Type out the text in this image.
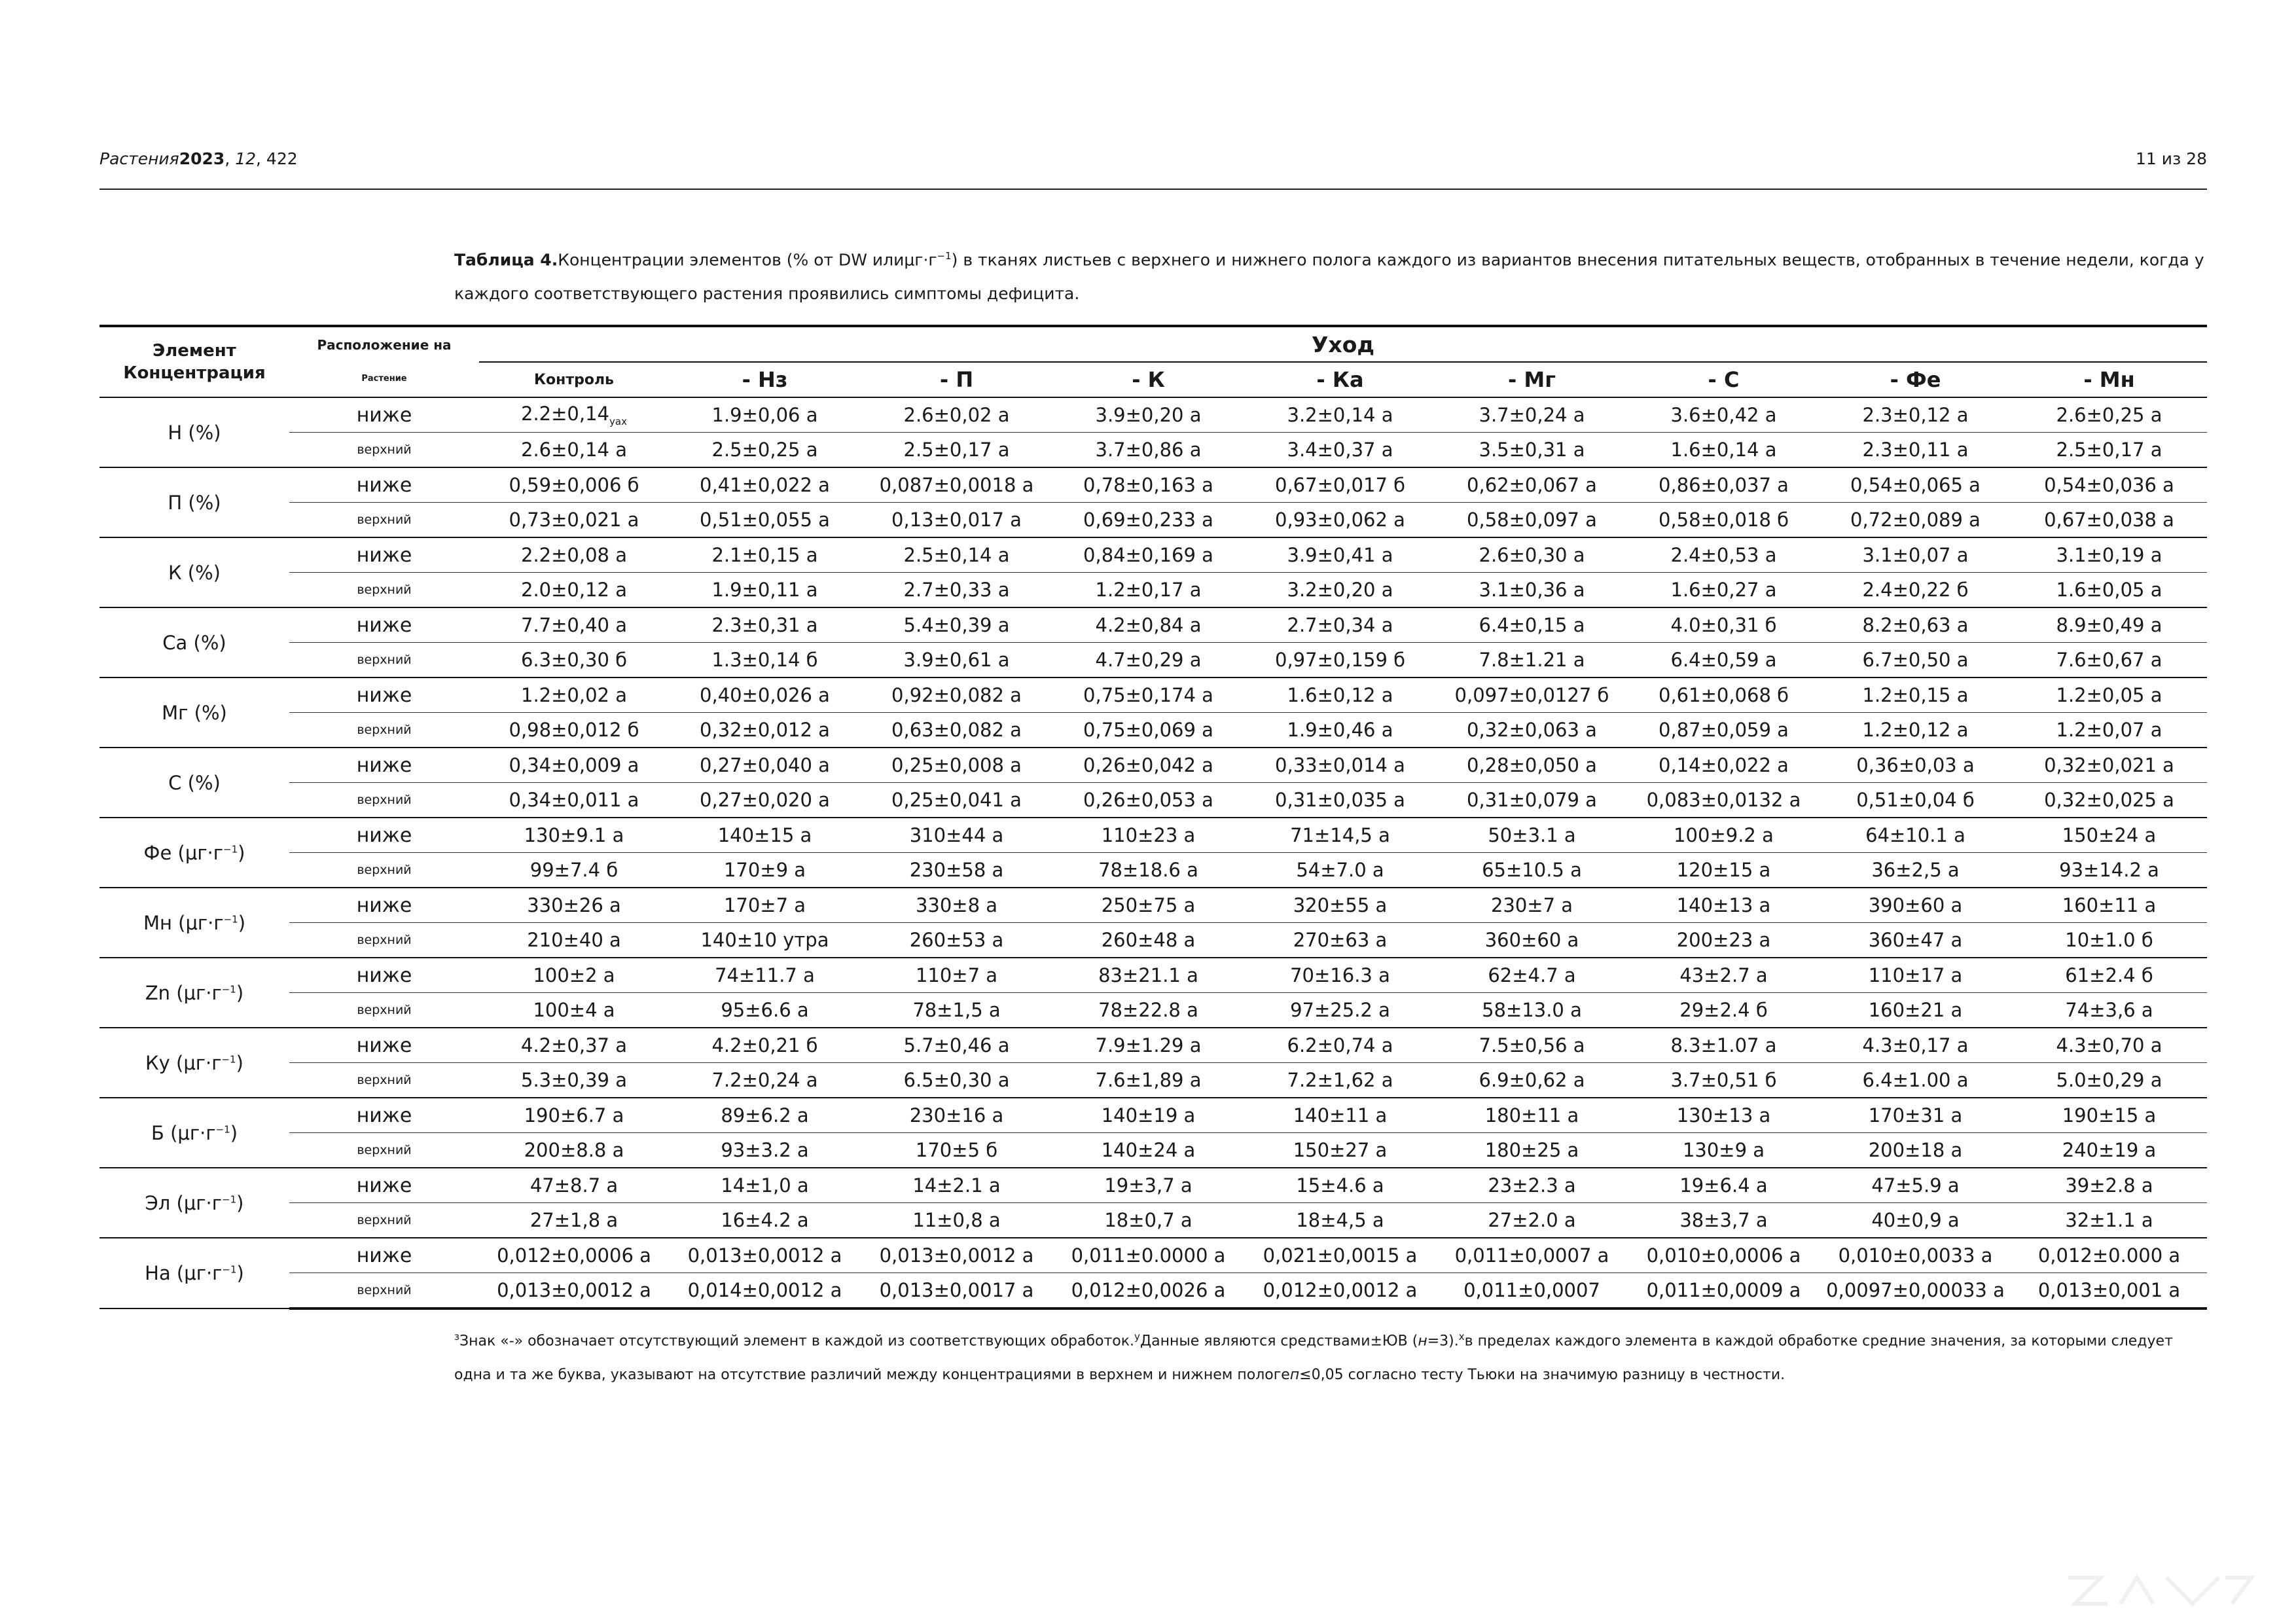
Растения2023, 12, 422	11 из 28
Таблица 4.Концентрации элементов (% от DW $или\mu г\cdot г^{-1}$) в тканях листьев с верхнего и нижнего полога каждого из вариантов внесения питательных веществ, отобранных в течение недели, когда у каждого соответствующего растения проявились симптомы дефицита.
Элемент
Концентрация	Расположение на
Растение	Уход								
		Контроль	- Нз	- П	- К	- Ка	- Мг	- С	- Фе	- Мн
Н (%)	ниже	$2.2\pm 0,14_{уах}$	1.9±0,06 а	2.6±0,02 а	3.9±0,20 а	3.2±0,14 а	3.7±0,24 а	3.6±0,42 а	2.3±0,12 а	2.6±0,25 а
	верхний	2.6±0,14 а	2.5±0,25 а	2.5±0,17 а	3.7±0,86 а	3.4±0,37 а	3.5±0,31 а	1.6±0,14 а	2.3±0,11 а	2.5±0,17 а
П (%)	ниже	0,59±0,006 б	0,41±0,022 а	0,087±0,0018 а	0,78±0,163 а	0,67±0,017 б	0,62±0,067 а	0,86±0,037 а	0,54±0,065 а	0,54±0,036 а
	верхний	0,73±0,021 а	0,51±0,055 а	0,13±0,017 а	0,69±0,233 а	0,93±0,062 а	0,58±0,097 а	0,58±0,018 б	0,72±0,089 а	0,67±0,038 а
К (%)	ниже	2.2±0,08 а	2.1±0,15 а	2.5±0,14 а	0,84±0,169 а	3.9±0,41 а	2.6±0,30 а	2.4±0,53 а	3.1±0,07 а	3.1±0,19 а
	верхний	2.0±0,12 а	1.9±0,11 а	2.7±0,33 а	1.2±0,17 а	3.2±0,20 а	3.1±0,36 а	1.6±0,27 а	2.4±0,22 б	1.6±0,05 а
Ca (%)	ниже	7.7±0,40 а	2.3±0,31 а	5.4±0,39 а	4.2±0,84 а	2.7±0,34 а	6.4±0,15 а	4.0±0,31 б	8.2±0,63 а	8.9±0,49 а
	верхний	6.3±0,30 б	1.3±0,14 б	3.9±0,61 а	4.7±0,29 а	0,97±0,159 б	7.8±1.21 а	6.4±0,59 а	6.7±0,50 а	7.6±0,67 а
Мг (%)	ниже	1.2±0,02 а	0,40±0,026 а	0,92±0,082 а	0,75±0,174 а	1.6±0,12 а	0,097±0,0127 б	0,61±0,068 б	1.2±0,15 а	1.2±0,05 а
	верхний	0,98±0,012 б	0,32±0,012 а	0,63±0,082 а	0,75±0,069 а	1.9±0,46 а	0,32±0,063 а	0,87±0,059 а	1.2±0,12 а	1.2±0,07 а
С (%)	ниже	0,34±0,009 а	0,27±0,040 а	0,25±0,008 а	0,26±0,042 а	0,33±0,014 а	0,28±0,050 а	0,14±0,022 а	0,36±0,03 а	0,32±0,021 а
	верхний	0,34±0,011 а	0,27±0,020 а	0,25±0,041 а	0,26±0,053 а	0,31±0,035 а	0,31±0,079 а	0,083±0,0132 а	0,51±0,04 б	0,32±0,025 а
Фе $(\mu г\cdot г^{-1})$	ниже	130±9.1 а	140±15 а	310±44 а	110±23 а	71±14,5 а	50±3.1 а	100±9.2 а	64±10.1 а	150±24 а
	верхний	99±7.4 б	170±9 а	230±58 а	78±18.6 а	54±7.0 а	65±10.5 а	120±15 а	36±2,5 а	93±14.2 а
Мн $(\mu г\cdot г^{-1})$	ниже	330±26 а	170±7 а	330±8 а	250±75 а	320±55 а	230±7 а	140±13 а	390±60 а	160±11 а
	верхний	210±40 а	140±10 утра	260±53 а	260±48 а	270±63 а	360±60 а	200±23 а	360±47 а	10±1.0 б
Zn $(\mu г\cdot г^{-1})$	ниже	100±2 а	74±11.7 а	110±7 а	83±21.1 а	70±16.3 а	62±4.7 а	43±2.7 а	110±17 а	61±2.4 б
	верхний	100±4 а	95±6.6 а	78±1,5 а	78±22.8 а	97±25.2 а	58±13.0 а	29±2.4 б	160±21 а	74±3,6 а
Ку $(\mu г\cdot г^{-1})$	ниже	4.2±0,37 а	4.2±0,21 б	5.7±0,46 а	7.9±1.29 а	6.2±0,74 а	7.5±0,56 а	8.3±1.07 а	4.3±0,17 а	4.3±0,70 а
	верхний	5.3±0,39 а	7.2±0,24 а	6.5±0,30 а	7.6±1,89 а	7.2±1,62 а	6.9±0,62 а	3.7±0,51 б	6.4±1.00 а	5.0±0,29 а
Б $(\mu г\cdot г^{-1})$	ниже	190±6.7 а	89±6.2 а	230±16 а	140±19 а	140±11 а	180±11 а	130±13 а	170±31 а	190±15 а
	верхний	200±8.8 а	93±3.2 а	170±5 б	140±24 а	150±27 а	180±25 а	130±9 а	200±18 а	240±19 а
Эл $(\mu г\cdot г^{-1})$	ниже	47±8.7 а	14±1,0 а	14±2.1 а	19±3,7 а	15±4.6 а	23±2.3 а	19±6.4 а	47±5.9 а	39±2.8 а
	верхний	27±1,8 а	16±4.2 а	11±0,8 а	18±0,7 а	18±4,5 а	27±2.0 а	38±3,7 а	40±0,9 а	32±1.1 а
На $(\mu г\cdot г^{-1})$	ниже	0,012±0,0006 а	0,013±0,0012 а	0,013±0,0012 а	0,011±0.0000 а	0,021±0,0015 а	0,011±0,0007 а	0,010±0,0006 а	0,010±0,0033 а	0,012±0.000 а
	верхний	0,013±0,0012 а	0,014±0,0012 а	0,013±0,0017 а	0,012±0,0026 а	0,012±0,0012 а	0,011±0,0007	0,011±0,0009 а	0,0097±0,00033 а	0,013±0,001 а
$^з$Знак «-» обозначает отсутствующий элемент в каждой из соответствующих обработок.$^у$Данные являются средствами±ЮВ (н=3).$^х$в пределах каждого элемента в каждой обработке средние значения, за которыми следует одна и та же буква, указывают на отсутствие различий между концентрациями в верхнем и нижнем пологеп≤0,05 согласно тесту Тьюки на значимую разницу в честности.
